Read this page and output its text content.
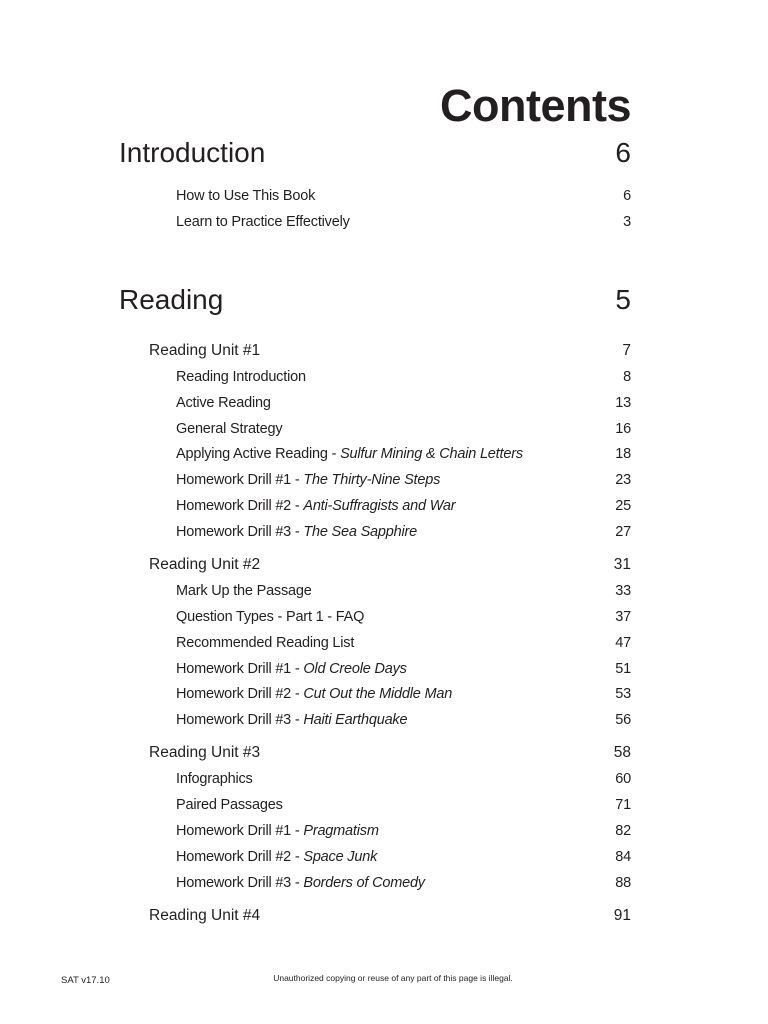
Contents
Introduction	6
How to Use This Book	6
Learn to Practice Effectively	3
Reading	5
Reading Unit #1	7
Reading Introduction	8
Active Reading	13
General Strategy	16
Applying Active Reading - Sulfur Mining & Chain Letters	18
Homework Drill #1 - The Thirty-Nine Steps	23
Homework Drill #2 - Anti-Suffragists and War	25
Homework Drill #3 - The Sea Sapphire	27
Reading Unit #2	31
Mark Up the Passage	33
Question Types - Part 1 - FAQ	37
Recommended Reading List	47
Homework Drill #1 - Old Creole Days	51
Homework Drill #2 - Cut Out the Middle Man	53
Homework Drill #3 - Haiti Earthquake	56
Reading Unit #3	58
Infographics	60
Paired Passages	71
Homework Drill #1 - Pragmatism	82
Homework Drill #2 - Space Junk	84
Homework Drill #3 - Borders of Comedy	88
Reading Unit #4	91
SAT v17.10	Unauthorized copying or reuse of any part of this page is illegal.
